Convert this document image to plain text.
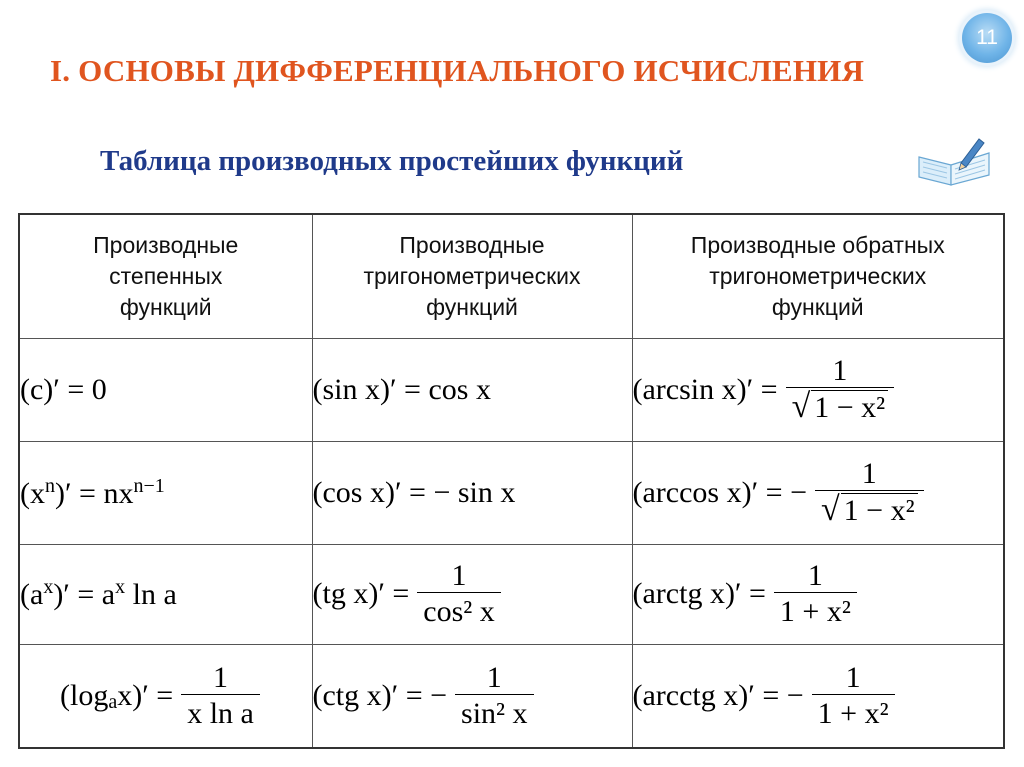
11
I. ОСНОВЫ ДИФФЕРЕНЦИАЛЬНОГО ИСЧИСЛЕНИЯ
Таблица производных простейших функций
Производные
степенных
функций	Производные
тригонометрических
функций	Производные обратных
тригонометрических
функций

(c)′ = 0	(sin x)′ = cos x	(arcsin $x)' = \frac{1}{\text{√ 1 − x²}}$

$(x^n)' = nx^{n-1}$	(cos x)′ = − sin x	(arccos x)′ = − $\frac{1}{\text{√ 1 − x²}}$

$(a^x)' = a^x$ ln a	(tg $x)' = \frac{1}{\text{cos² x}}$	(arctg $x)' = \frac{1}{\text{1 + x²}}$

($\log_a$ $x)' = \frac{1}{\text{x ln a}}$	(ctg x)′ = − $\frac{1}{\text{sin² x}}$	(arcctg x)′ = − $\frac{1}{\text{1 + x²}}$
